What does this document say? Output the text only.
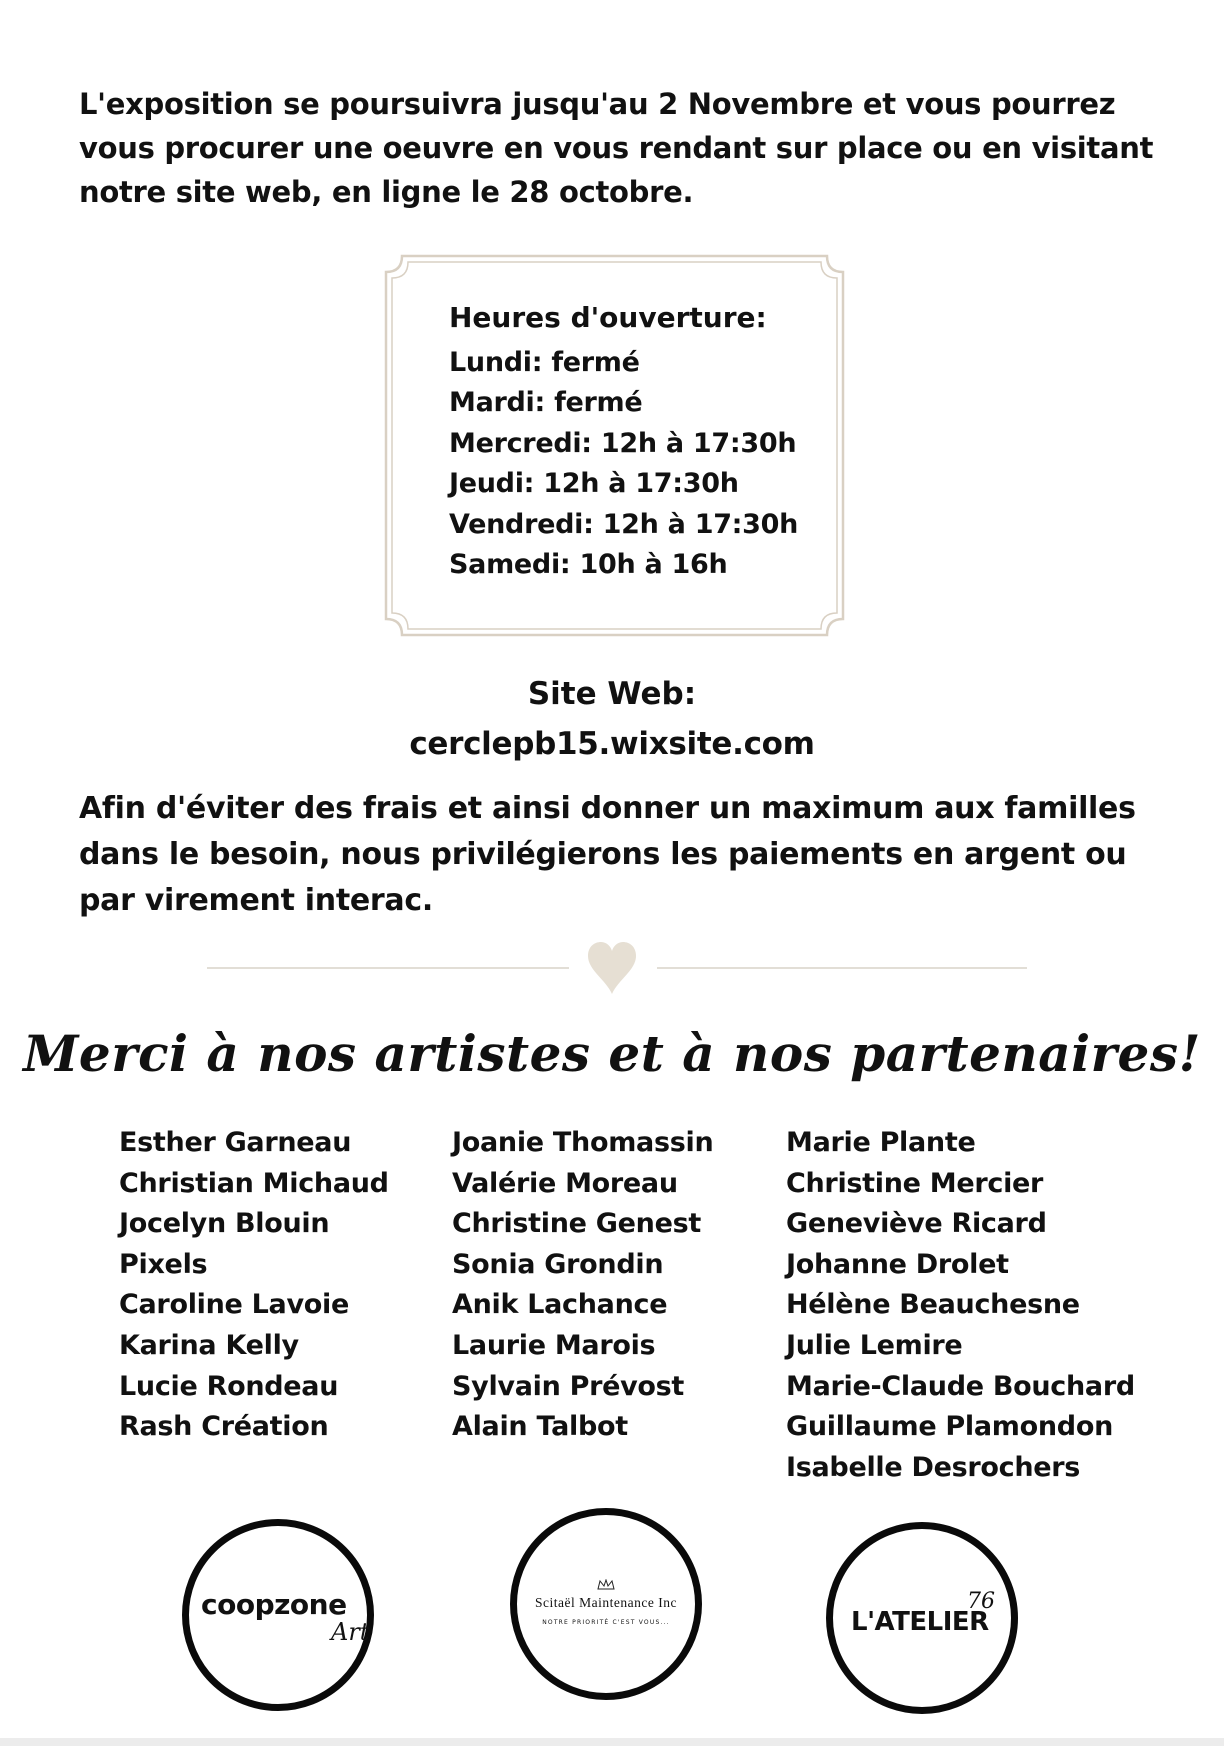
L'exposition se poursuivra jusqu'au 2 Novembre et vous pourrez vous procurer une oeuvre en vous rendant sur place ou en visitant notre site web, en ligne le 28 octobre.

Heures d'ouverture:
Lundi: fermé
Mardi: fermé
Mercredi: 12h à 17:30h
Jeudi: 12h à 17:30h
Vendredi: 12h à 17:30h
Samedi: 10h à 16h
Site Web:
cerclepb15.wixsite.com

Afin d'éviter des frais et ainsi donner un maximum aux familles dans le besoin, nous privilégierons les paiements en argent ou par virement interac.

Merci à nos artistes et à nos partenaires!
Esther Garneau
Christian Michaud
Jocelyn Blouin
Pixels
Caroline Lavoie
Karina Kelly
Lucie Rondeau
Rash Création
Joanie Thomassin
Valérie Moreau
Christine Genest
Sonia Grondin
Anik Lachance
Laurie Marois
Sylvain Prévost
Alain Talbot
Marie Plante
Christine Mercier
Geneviève Ricard
Johanne Drolet
Hélène Beauchesne
Julie Lemire
Marie-Claude Bouchard
Guillaume Plamondon
Isabelle Desrochers
coopzone
Art
Scitaël Maintenance Inc
NOTRE PRIORITÉ C'EST VOUS...	L'ATELIER
76
